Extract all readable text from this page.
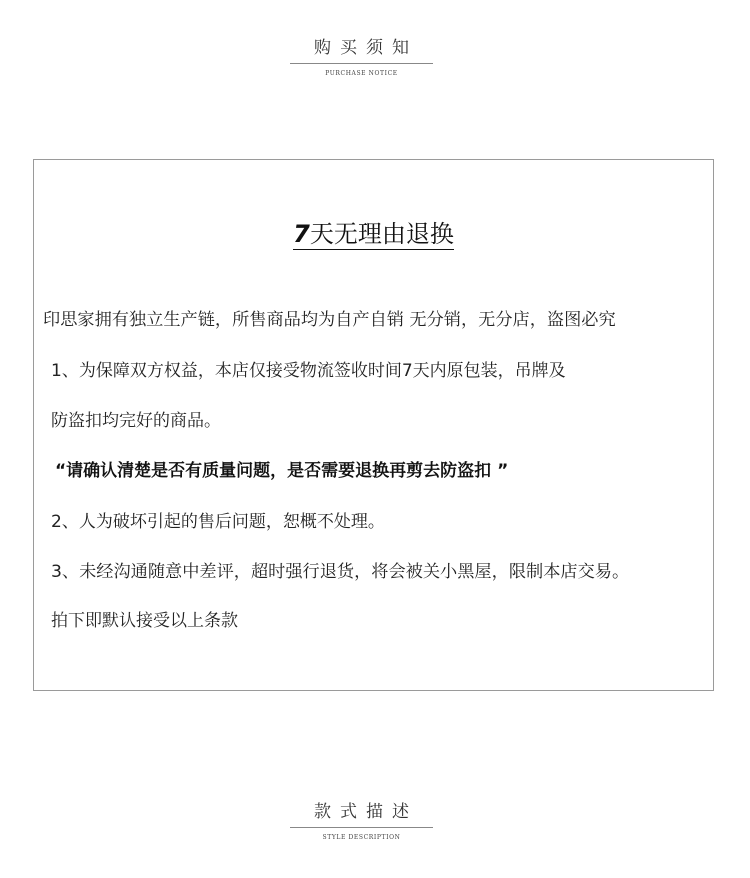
购买须知
PURCHASE NOTICE
7天无理由退换
印思家拥有独立生产链，所售商品均为自产自销 无分销，无分店，盗图必究
1、为保障双方权益，本店仅接受物流签收时间7天内原包装，吊牌及
防盗扣均完好的商品。
“请确认清楚是否有质量问题，是否需要退换再剪去防盗扣 ”
2、人为破坏引起的售后问题，恕概不处理。
3、未经沟通随意中差评，超时强行退货，将会被关小黑屋，限制本店交易。
拍下即默认接受以上条款
款式描述
STYLE DESCRIPTION
